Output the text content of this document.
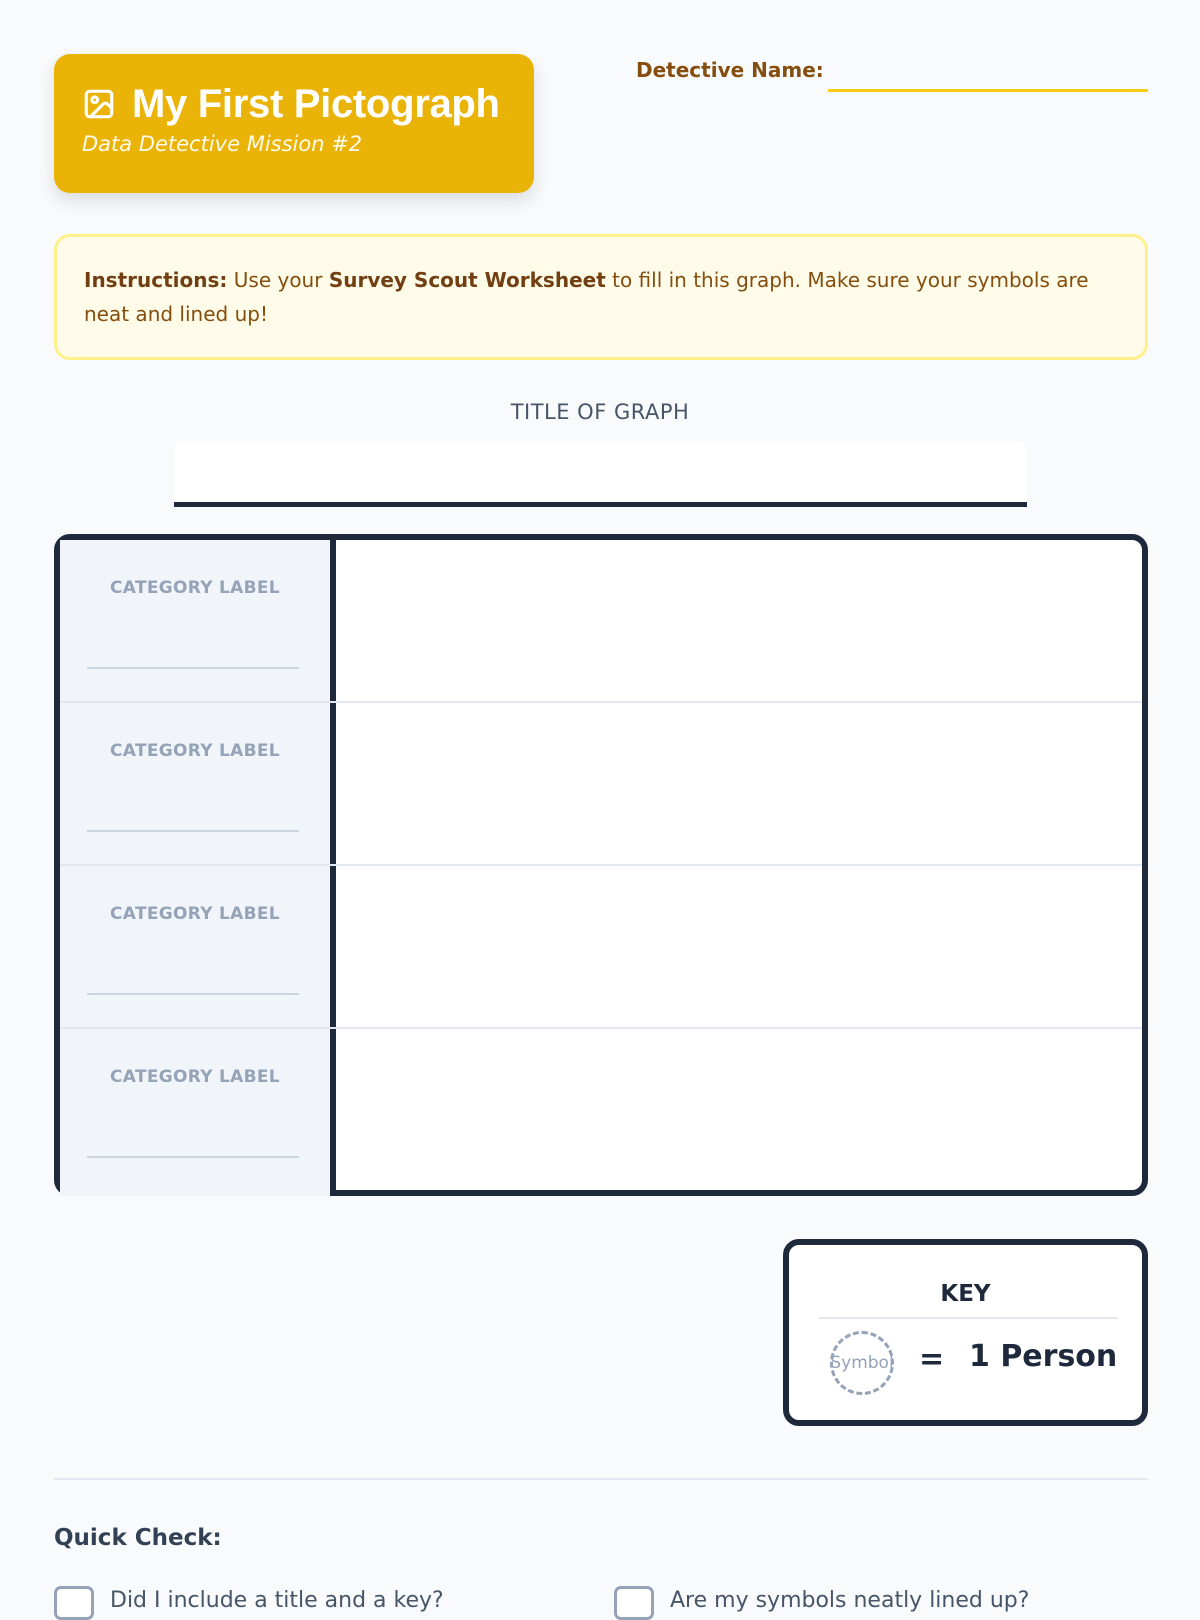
My First Pictograph
Data Detective Mission #2
Detective Name:
Instructions: Use your Survey Scout Worksheet to fill in this graph. Make sure your symbols are neat and lined up!
TITLE OF GRAPH
CATEGORY LABEL
CATEGORY LABEL
CATEGORY LABEL
CATEGORY LABEL
KEY
Symbol = 1 Person
Quick Check:
Did I include a title and a key?	Are my symbols neatly lined up?
